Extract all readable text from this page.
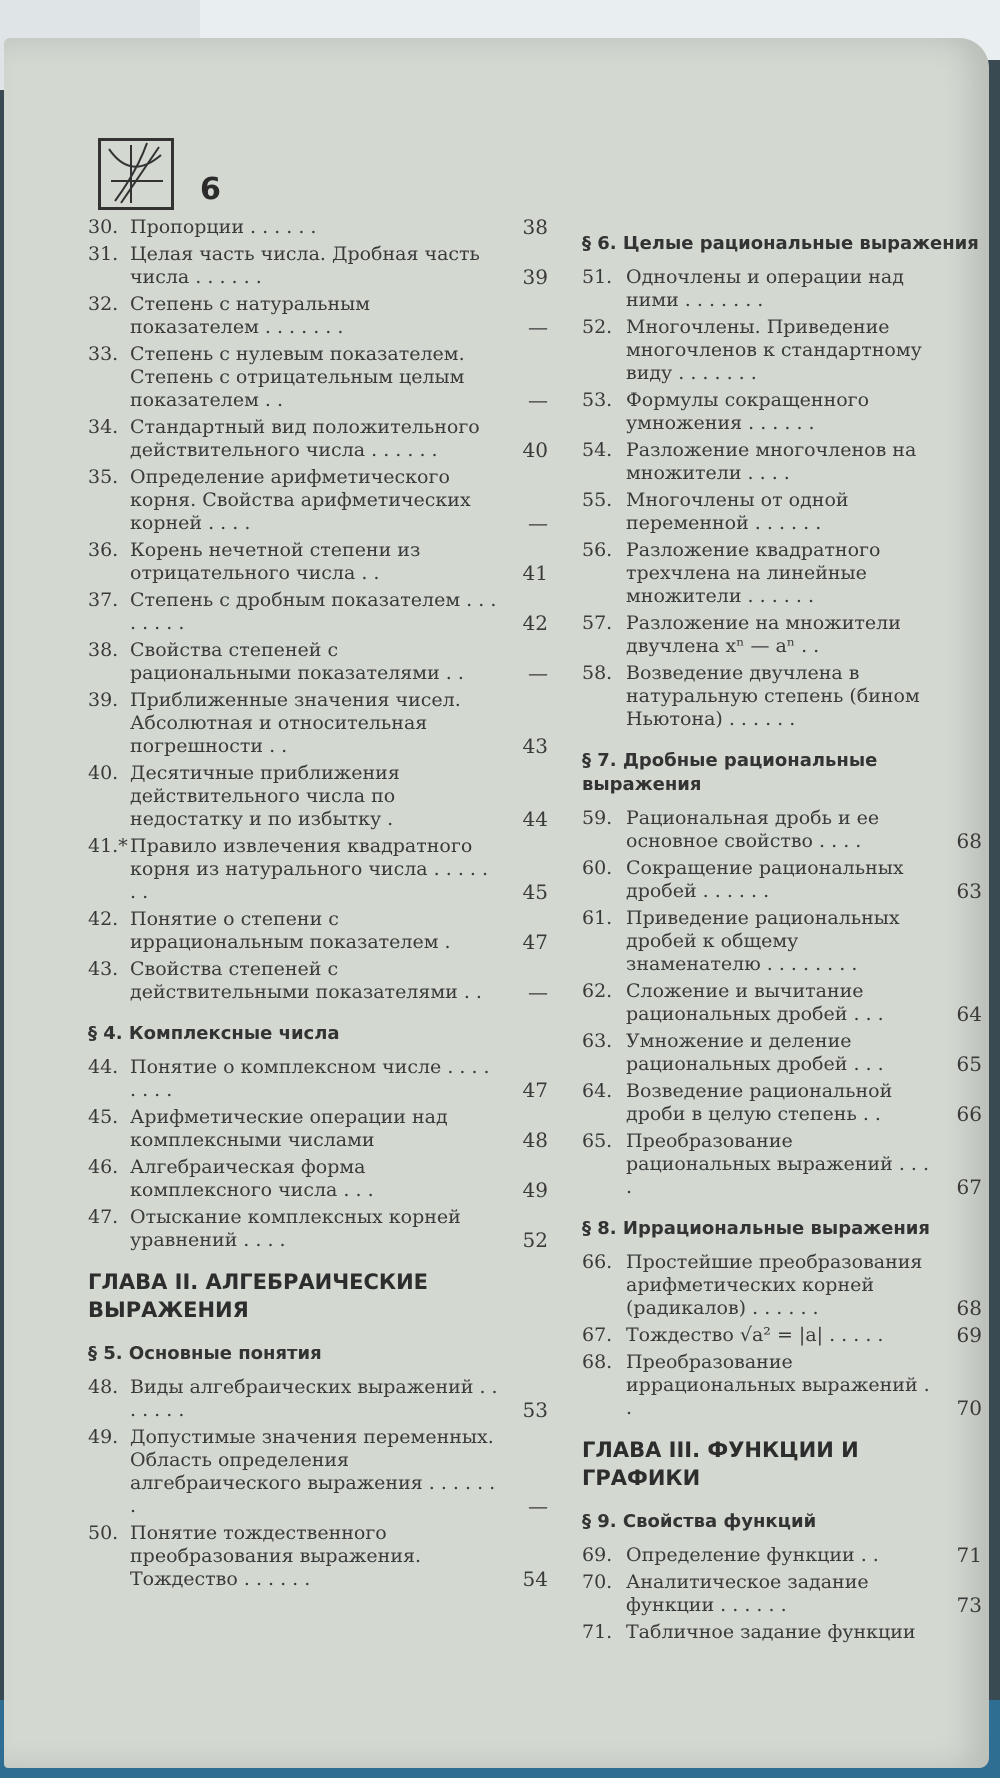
6
30. Пропорции . . . . . .	38
31. Целая часть числа. Дробная часть числа . . . . . .	39
32. Степень с натуральным показателем . . . . . . .	—
33. Степень с нулевым показателем. Степень с отрицательным целым показателем . .	—
34. Стандартный вид положительного действительного числа . . . . . .	40
35. Определение арифметического корня. Свойства арифметических корней . . . .	—
36. Корень нечетной степени из отрицательного числа . .	41
37. Степень с дробным показателем . . . . . . . .	42
38. Свойства степеней с рациональными показателями . .	—
39. Приближенные значения чисел. Абсолютная и относительная погрешности . .	43
40. Десятичные приближения действительного числа по недостатку и по избытку .	44
41.* Правило извлечения квадратного корня из натурального числа . . . . . . .	45
42. Понятие о степени с иррациональным показателем .	47
43. Свойства степеней с действительными показателями . .	—
§ 4. Комплексные числа
44. Понятие о комплексном числе . . . . . . . .	47
45. Арифметические операции над комплексными числами	48
46. Алгебраическая форма комплексного числа . . .	49
47. Отыскание комплексных корней уравнений . . . .	52
ГЛАВА II. АЛГЕБРАИЧЕСКИЕ ВЫРАЖЕНИЯ
§ 5. Основные понятия
48. Виды алгебраических выражений . . . . . . .	53
49. Допустимые значения переменных. Область определения алгебраического выражения . . . . . . .	—
50. Понятие тождественного преобразования выражения. Тождество . . . . . .	54
§ 6. Целые рациональные выражения
51. Одночлены и операции над ними . . . . . . .
52. Многочлены. Приведение многочленов к стандартному виду . . . . . . .
53. Формулы сокращенного умножения . . . . . .
54. Разложение многочленов на множители . . . .
55. Многочлены от одной переменной . . . . . .
56. Разложение квадратного трехчлена на линейные множители . . . . . .
57. Разложение на множители двучлена xⁿ — aⁿ . .
58. Возведение двучлена в натуральную степень (бином Ньютона) . . . . . .
§ 7. Дробные рациональные выражения
59. Рациональная дробь и ее основное свойство . . . .	68
60. Сокращение рациональных дробей . . . . . .	63
61. Приведение рациональных дробей к общему знаменателю . . . . . . . .
62. Сложение и вычитание рациональных дробей . . .	64
63. Умножение и деление рациональных дробей . . .	65
64. Возведение рациональной дроби в целую степень . .	66
65. Преобразование рациональных выражений . . . .	67
§ 8. Иррациональные выражения
66. Простейшие преобразования арифметических корней (радикалов) . . . . . .	68
67. Тождество √a² = |a| . . . . .	69
68. Преобразование иррациональных выражений . .	70
ГЛАВА III. ФУНКЦИИ И ГРАФИКИ
§ 9. Свойства функций
69. Определение функции . .	71
70. Аналитическое задание функции . . . . . .	73
71. Табличное задание функции
